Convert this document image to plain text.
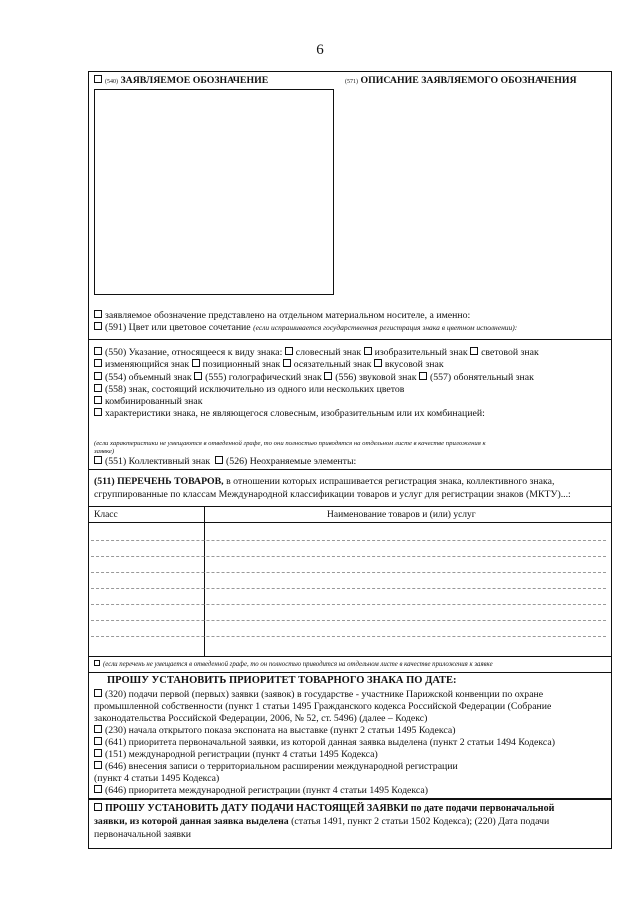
6
(540) ЗАЯВЛЯЕМОЕ ОБОЗНАЧЕНИЕ	(571) ОПИСАНИЕ ЗАЯВЛЯЕМОГО ОБОЗНАЧЕНИЯ
заявляемое обозначение представлено на отдельном материальном носителе, а именно:
(591) Цвет или цветовое сочетание (если испрашивается государственная регистрация знака в цветном исполнении):
(550) Указание, относящееся к виду знака: словесный знак изобразительный знак световой знак
изменяющийся знак позиционный знак осязательный знак вкусовой знак
(554) объемный знак (555) голографический знак (556) звуковой знак (557) обонятельный знак
(558) знак, состоящий исключительно из одного или нескольких цветов
комбинированный знак
характеристики знака, не являющегося словесным, изобразительным или их комбинацией:
(если характеристики не умещаются в отведенной графе, то они полностью приводятся на отдельном листе в качестве приложения к
заявке)
(551) Коллективный знак (526) Неохраняемые элементы:
(511) ПЕРЕЧЕНЬ ТОВАРОВ, в отношении которых испрашивается регистрация знака, коллективного знака,
сгруппированные по классам Международной классификации товаров и услуг для регистрации знаков (МКТУ)...:
Класс	Наименование товаров и (или) услуг
(если перечень не умещается в отведенной графе, то он полностью приводится на отдельном листе в качестве приложения к заявке
ПРОШУ УСТАНОВИТЬ ПРИОРИТЕТ ТОВАРНОГО ЗНАКА ПО ДАТЕ:
(320) подачи первой (первых) заявки (заявок) в государстве - участнике Парижской конвенции по охране
промышленной собственности (пункт 1 статьи 1495 Гражданского кодекса Российской Федерации (Собрание
законодательства Российской Федерации, 2006, № 52, ст. 5496) (далее – Кодекс)
(230) начала открытого показа экспоната на выставке (пункт 2 статьи 1495 Кодекса)
(641) приоритета первоначальной заявки, из которой данная заявка выделена (пункт 2 статьи 1494 Кодекса)
(151) международной регистрации (пункт 4 статьи 1495 Кодекса)
(646) внесения записи о территориальном расширении международной регистрации
(пункт 4 статьи 1495 Кодекса)
(646) приоритета международной регистрации (пункт 4 статьи 1495 Кодекса)
ПРОШУ УСТАНОВИТЬ ДАТУ ПОДАЧИ НАСТОЯЩЕЙ ЗАЯВКИ по дате подачи первоначальной
заявки, из которой данная заявка выделена (статья 1491, пункт 2 статьи 1502 Кодекса); (220) Дата подачи
первоначальной заявки
